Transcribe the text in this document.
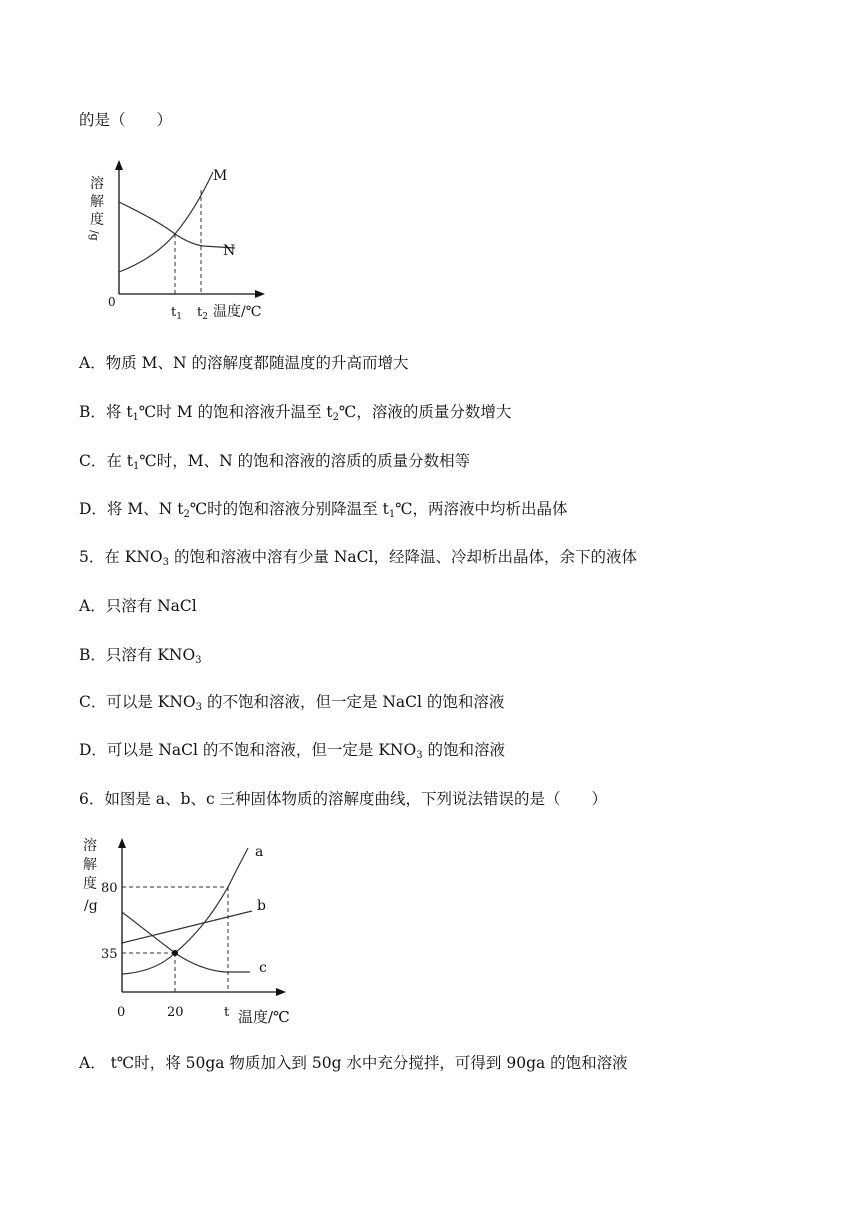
的是（　　）
溶
解
度
/g
M
N
0
$t_1$ $t_2$ 温度/℃
A．物质 M、N 的溶解度都随温度的升高而增大
B．将 $t_1℃$时 M 的饱和溶液升温至 $t_2℃$，溶液的质量分数增大
C．在 $t_1℃$时，M、N 的饱和溶液的溶质的质量分数相等
D．将 M、N $t_2℃$时的饱和溶液分别降温至 $t_1℃$，两溶液中均析出晶体
5．在 $KNO_3$ 的饱和溶液中溶有少量 NaCl，经降温、冷却析出晶体，余下的液体
A．只溶有 NaCl
B．只溶有 $KNO_3$
C．可以是 $KNO_3$ 的不饱和溶液，但一定是 NaCl 的饱和溶液
D．可以是 NaCl 的不饱和溶液，但一定是 $KNO_3$ 的饱和溶液
6．如图是 a、b、c 三种固体物质的溶解度曲线，下列说法错误的是（　　）
溶
解
度
/g
80
35
a
b
c
0	20	t 温度/℃
A． t℃时，将 50ga 物质加入到 50g 水中充分搅拌，可得到 90ga 的饱和溶液
